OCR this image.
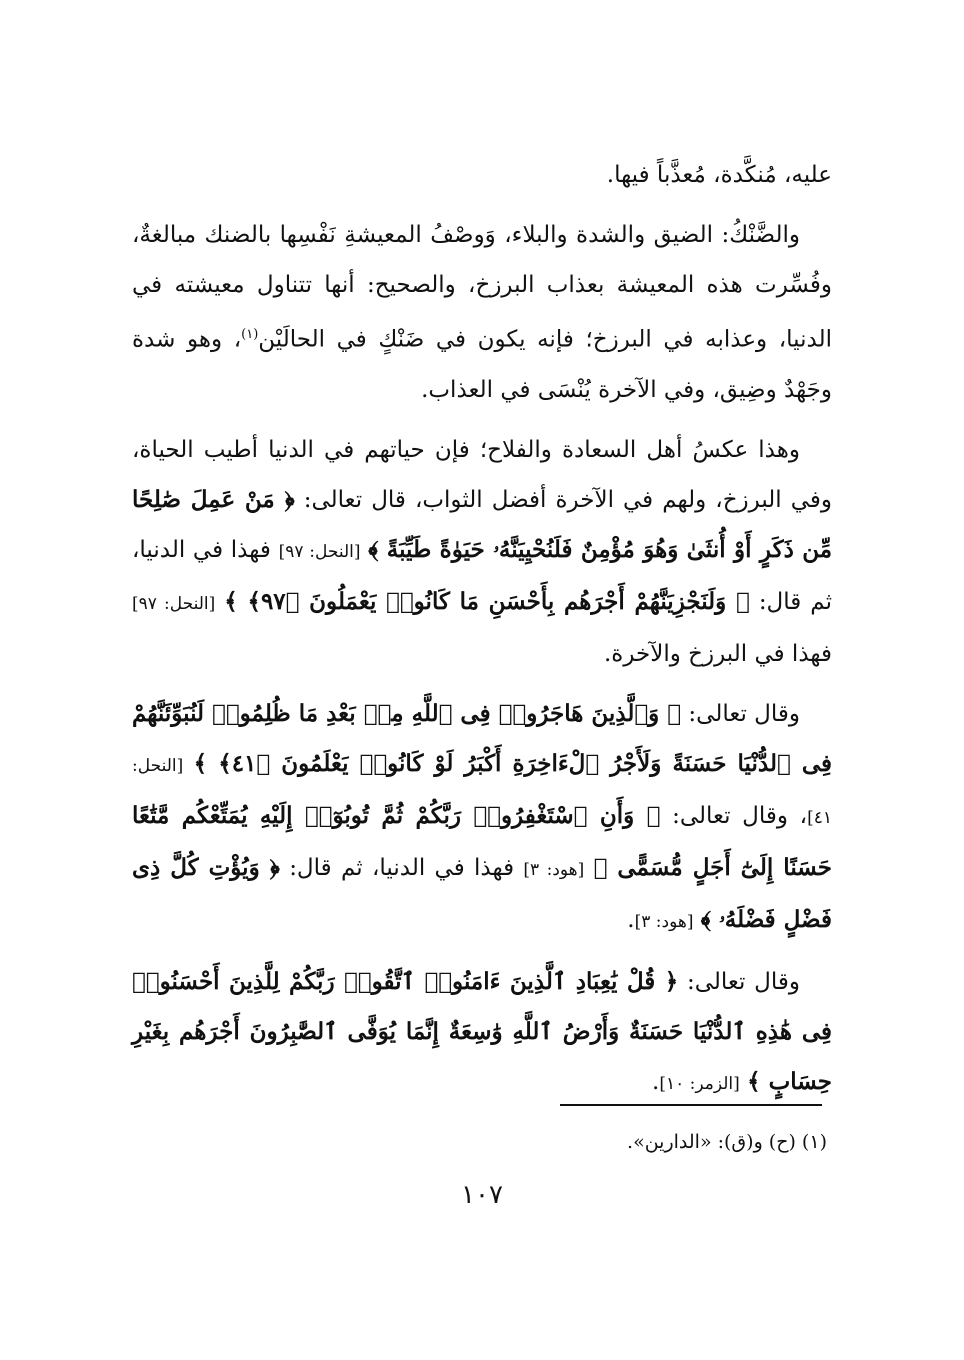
عليه، مُنكَّدة، مُعذَّباً فيها.

والضَّنْكُ: الضيق والشدة والبلاء، وَوصْفُ المعيشةِ نَفْسِها بالضنك مبالغةٌ، وفُسِّرت هذه المعيشة بعذاب البرزخ، والصحيح: أنها تتناول معيشته في الدنيا، وعذابه في البرزخ؛ فإنه يكون في ضَنْكٍ في الحالَيْن$^{(١)}$، وهو شدة وجَهْدٌ وضِيق، وفي الآخرة يُنْسَى في العذاب.

وهذا عكسُ أهل السعادة والفلاح؛ فإن حياتهم في الدنيا أطيب الحياة، وفي البرزخ، ولهم في الآخرة أفضل الثواب، قال تعالى: ﴿ مَنْ عَمِلَ صَٰلِحًا مِّن ذَكَرٍ أَوْ أُنثَىٰ وَهُوَ مُؤْمِنٌ فَلَنُحْيِيَنَّهُۥ حَيَوٰةً طَيِّبَةً ﴾ [النحل: ٩٧] فهذا في الدنيا، ثم قال: ﴿ وَلَنَجْزِيَنَّهُمْ أَجْرَهُم بِأَحْسَنِ مَا كَانُوا۟ يَعْمَلُونَ ﴿٩٧﴾ ﴾ [النحل: ٩٧] فهذا في البرزخ والآخرة.

وقال تعالى: ﴿ وَٱلَّذِينَ هَاجَرُوا۟ فِى ٱللَّهِ مِنۢ بَعْدِ مَا ظُلِمُوا۟ لَنُبَوِّئَنَّهُمْ فِى ٱلدُّنْيَا حَسَنَةً وَلَأَجْرُ ٱلْءَاخِرَةِ أَكْبَرُ لَوْ كَانُوا۟ يَعْلَمُونَ ﴿٤١﴾ ﴾ [النحل: ٤١]، وقال تعالى: ﴿ وَأَنِ ٱسْتَغْفِرُوا۟ رَبَّكُمْ ثُمَّ تُوبُوٓا۟ إِلَيْهِ يُمَتِّعْكُم مَّتَٰعًا حَسَنًا إِلَىٰٓ أَجَلٍ مُّسَمًّى ﴾ [هود: ٣] فهذا في الدنيا، ثم قال: ﴿ وَيُؤْتِ كُلَّ ذِى فَضْلٍ فَضْلَهُۥ ﴾ [هود: ٣].

وقال تعالى: ﴿ قُلْ يَٰعِبَادِ ٱلَّذِينَ ءَامَنُوا۟ ٱتَّقُوا۟ رَبَّكُمْ لِلَّذِينَ أَحْسَنُوا۟ فِى هَٰذِهِ ٱلدُّنْيَا حَسَنَةٌ وَأَرْضُ ٱللَّهِ وَٰسِعَةٌ إِنَّمَا يُوَفَّى ٱلصَّٰبِرُونَ أَجْرَهُم بِغَيْرِ حِسَابٍ ﴾ [الزمر: ١٠].

(١) (ح) و(ق): «الدارين».
١٠٧
